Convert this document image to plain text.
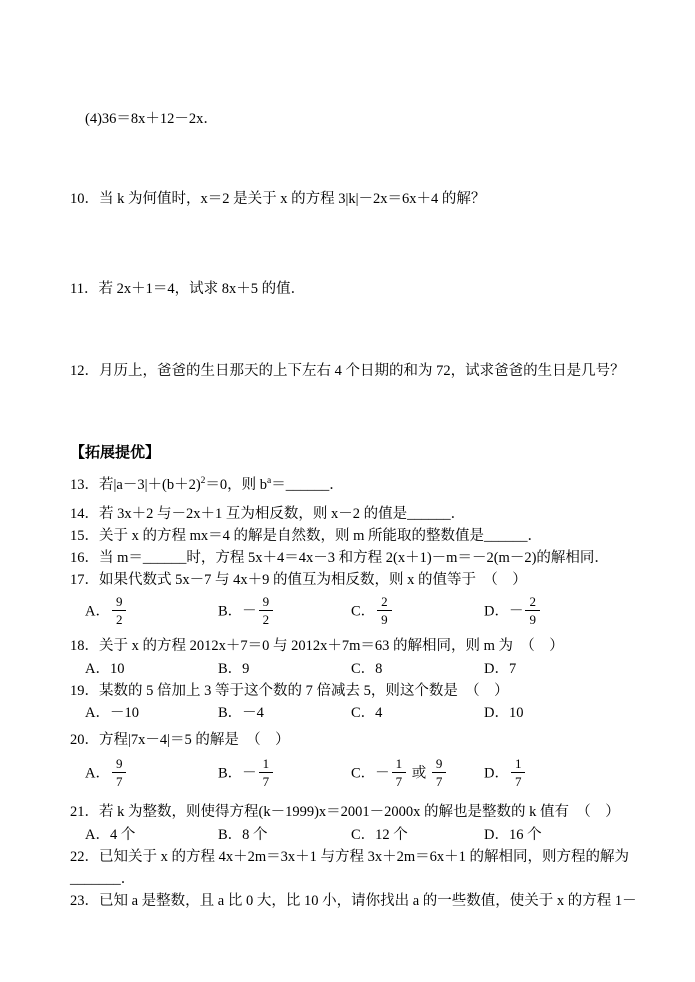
(4)36＝8x＋12－2x．
10．当 k 为何值时，x＝2 是关于 x 的方程 3|k|－2x＝6x＋4 的解？
11．若 2x＋1＝4，试求 8x＋5 的值．
12．月历上，爸爸的生日那天的上下左右 4 个日期的和为 72，试求爸爸的生日是几号？
【拓展提优】
13．若$|a-3|+(b+2)^2=0$，则 $b^a=\_\_\_\_\_\_$．
14．若 3x＋2 与－2x＋1 互为相反数，则 x－2 的值是______．
15．关于 x 的方程 mx＝4 的解是自然数，则 m 所能取的整数值是______．
16．当 m＝______时，方程 5x＋4＝4x－3 和方程 2(x＋1)－m＝－2(m－2)的解相同．
17．如果代数式 5x－7 与 4x＋9 的值互为相反数，则 x 的值等于　（　）
A． $\frac{9}{2}$	B．－ $\frac{9}{2}$	C． $\frac{2}{9}$	D．－ $\frac{2}{9}$
18．关于 x 的方程 2012x＋7＝0 与 2012x＋7m＝63 的解相同，则 m 为　（　）
A．10	B．9	C．8	D．7
19．某数的 5 倍加上 3 等于这个数的 7 倍减去 5，则这个数是　（　）
A．－10	B．－4	C．4	D．10
20．方程|7x－4|＝5 的解是　（　）
A． $\frac{9}{7}$	B．－ $\frac{1}{7}$	C．－ $\frac{1}{7}$ 或 $\frac{9}{7}$	D． $\frac{1}{7}$
21．若 k 为整数，则使得方程(k－1999)x＝2001－2000x 的解也是整数的 k 值有　（　）
A．4 个	B．8 个	C．12 个	D．16 个
22．已知关于 x 的方程 4x＋2m＝3x＋1 与方程 3x＋2m＝6x＋1 的解相同，则方程的解为
_______．
23．已知 a 是整数，且 a 比 0 大，比 10 小，请你找出 a 的一些数值，使关于 x 的方程 1－
